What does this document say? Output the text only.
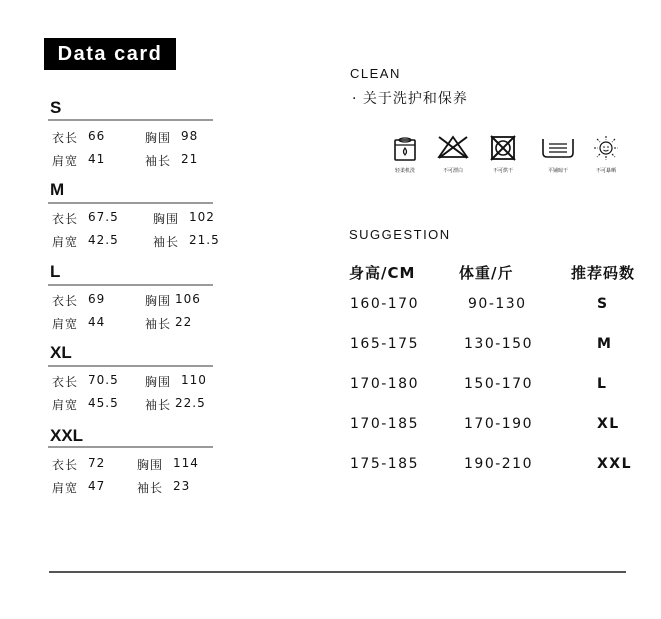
Data card
S
衣长 66	胸围 98
肩宽 41	袖长 21
M
衣长 67.5	胸围 102
肩宽 42.5	袖长 21.5
L
衣长 69	胸围 106
肩宽 44	袖长 22
XL
衣长 70.5 胸围 110
肩宽 45.5 袖长 22.5
XXL
衣长 72	胸围 114
肩宽 47	袖长 23
CLEAN
· 关于洗护和保养
轻柔机洗	不可漂白	不可烘干	平铺晾干	不可暴晒
SUGGESTION
身高/CM	体重/斤	推荐码数
160-170	90-130	S
165-175	130-150	M
170-180	150-170	L
170-185	170-190	XL
175-185	190-210	XXL
